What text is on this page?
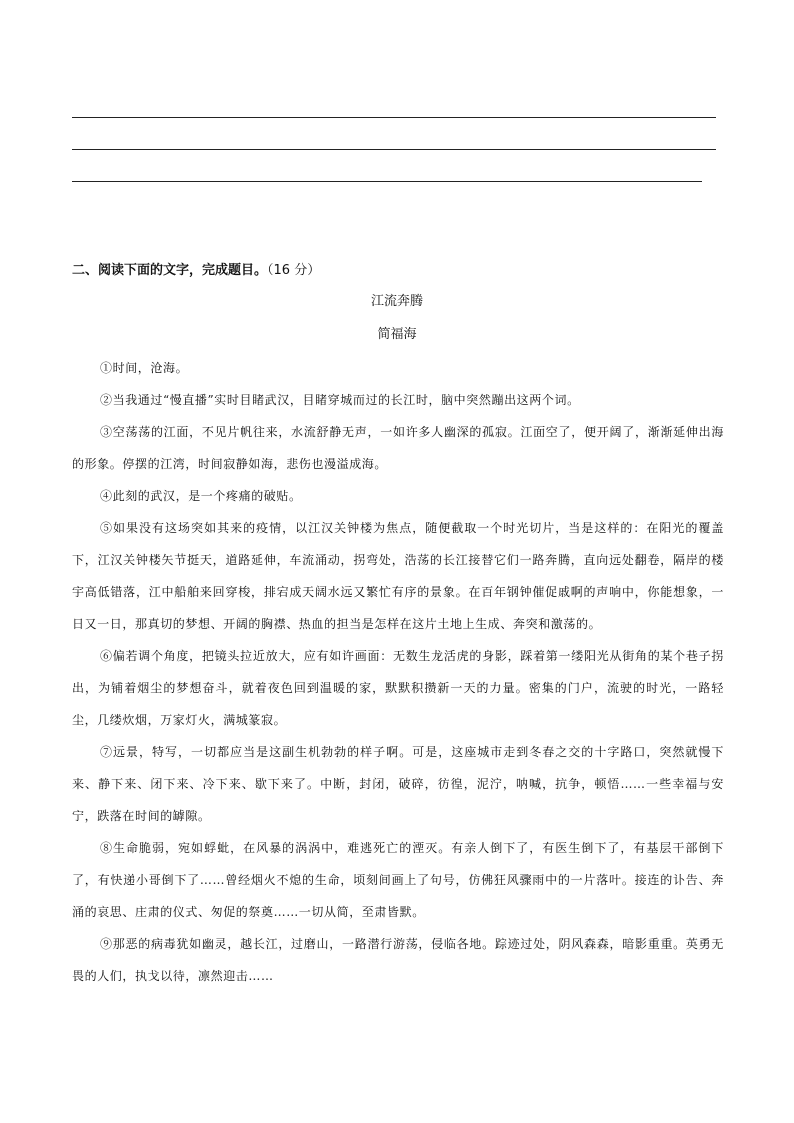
二、阅读下面的文字，完成题目。（16 分）
江流奔腾
简福海

①时间，沧海。

②当我通过“慢直播”实时目睹武汉，目睹穿城而过的长江时，脑中突然蹦出这两个词。

③空荡荡的江面，不见片帆往来，水流舒静无声，一如许多人幽深的孤寂。江面空了，便开阔了，渐渐延伸出海的形象。停摆的江湾，时间寂静如海，悲伤也漫溢成海。

④此刻的武汉，是一个疼痛的破贴。

⑤如果没有这场突如其来的疫情，以江汉关钟楼为焦点，随便截取一个时光切片，当是这样的：在阳光的覆盖下，江汉关钟楼矢节挺天，道路延伸，车流涌动，拐弯处，浩荡的长江接替它们一路奔腾，直向远处翻卷，隔岸的楼宇高低错落，江中船舶来回穿梭，排宕成天阔水远又繁忙有序的景象。在百年钢钟催促戚啊的声响中，你能想象，一日又一日，那真切的梦想、开阔的胸襟、热血的担当是怎样在这片土地上生成、奔突和激荡的。

⑥偏若调个角度，把镜头拉近放大，应有如许画面：无数生龙活虎的身影，踩着第一缕阳光从街角的某个巷子拐出，为铺着烟尘的梦想奋斗，就着夜色回到温暖的家，默默积攒新一天的力量。密集的门户，流驶的时光，一路轻尘，几缕炊烟，万家灯火，满城篆寂。

⑦远景，特写，一切都应当是这副生机勃勃的样子啊。可是，这座城市走到冬春之交的十字路口，突然就慢下来、静下来、闭下来、冷下来、歇下来了。中断，封闭，破碎，彷徨，泥泞，呐喊，抗争，顿悟……一些幸福与安宁，跌落在时间的罅隙。

⑧生命脆弱，宛如蜉蚍，在风暴的涡涡中，难逃死亡的湮灭。有亲人倒下了，有医生倒下了，有基层干部倒下了，有快递小哥倒下了……曾经烟火不熄的生命，顷刻间画上了句号，仿佛狂风骤雨中的一片落叶。接连的讣告、奔涌的哀思、庄肃的仪式、匆促的祭奠……一切从简，至肃皆默。

⑨那恶的病毒犹如幽灵，越长江，过磨山，一路潜行游荡，侵临各地。踪迹过处，阴风森森，暗影重重。英勇无畏的人们，执戈以待，凛然迎击……
